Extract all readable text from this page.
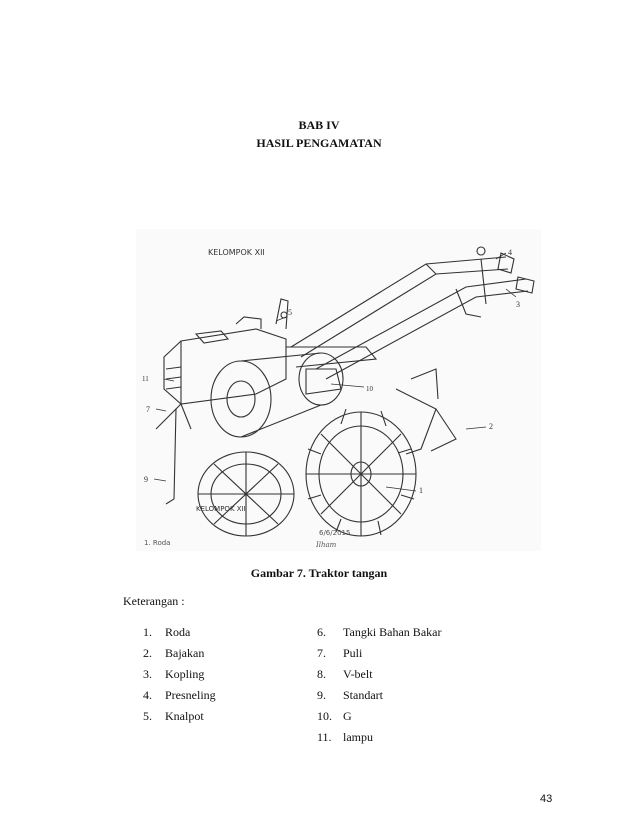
BAB IV
HASIL PENGAMATAN
KELOMPOK XII
KELOMPOK XII
4
3
5
10
2
1
11
7
9
1. Roda	Ilham
6/6/2015
Gambar 7. Traktor tangan
Keterangan :
1. Roda
2. Bajakan
3. Kopling
4. Presneling
5. Knalpot
6. Tangki Bahan Bakar
7. Puli
8. V-belt
9. Standart
10. G
11. lampu
43
